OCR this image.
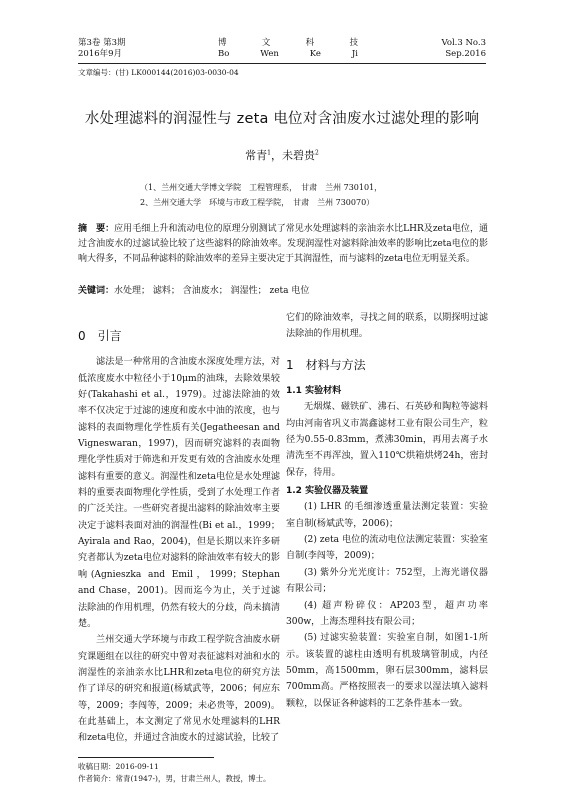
第3卷 第3期
2016年9月
博	文	科	技
Bo	Wen	Ke	Ji
Vol.3 No.3
Sep.2016
文章编号：(甘) LK000144(2016)03-0030-04
水处理滤料的润湿性与 zeta 电位对含油废水过滤处理的影响
常青$^1$，未碧贵$^2$
（1、兰州交通大学博文学院　工程管理系，　甘肃　兰州 730101，
2、兰州交通大学　环境与市政工程学院，　甘肃　兰州 730070）
摘　要：应用毛细上升和流动电位的原理分别测试了常见水处理滤料的亲油亲水比LHR及zeta电位，通过含油废水的过滤试验比较了这些滤料的除油效率。发现润湿性对滤料除油效率的影响比zeta电位的影响大得多，不同品种滤料的除油效率的差异主要决定于其润湿性，而与滤料的zeta电位无明显关系。
关键词：水处理； 滤料； 含油废水； 润湿性； zeta 电位
0　引言

滤法是一种常用的含油废水深度处理方法，对低浓度废水中粒径小于10μm的油珠，去除效果较好(Takahashi et al.，1979)。过滤法除油的效率不仅决定于过滤的速度和废水中油的浓度，也与滤料的表面物理化学性质有关(Jegatheesan and Vigneswaran，1997)，因而研究滤料的表面物理化学性质对于筛选和开发更有效的含油废水处理滤料有重要的意义。润湿性和zeta电位是水处理滤料的重要表面物理化学性质，受到了水处理工作者的广泛关注。一些研究者提出滤料的除油效率主要决定于滤料表面对油的润湿性(Bi et al.，1999；Ayirala and Rao，2004)，但是长期以来许多研究者都认为zeta电位对滤料的除油效率有较大的影响(Agnieszka and Emil，1999；Stephan and Chase，2001)。因而迄今为止，关于过滤法除油的作用机理，仍然有较大的分歧，尚未搞清楚。

兰州交通大学环境与市政工程学院含油废水研究课题组在以往的研究中曾对表征滤料对油和水的润湿性的亲油亲水比LHR和zeta电位的研究方法作了详尽的研究和报道(杨斌武等，2006；何应东等，2009；李闯等，2009；未必贵等，2009)。在此基础上，本文测定了常见水处理滤料的LHR和zeta电位，并通过含油废水的过滤试验，比较了

它们的除油效率，寻找之间的联系，以期探明过滤法除油的作用机理。

1　材料与方法
1.1 实验材料

无烟煤、磁铁矿、沸石、石英砂和陶粒等滤料均由河南省巩义市嵩鑫滤材工业有限公司生产，粒径为0.55-0.83mm，煮沸30min，再用去离子水清洗至不再浑浊，置入110℃烘箱烘烤24h，密封保存，待用。

1.2 实验仪器及装置

(1) LHR 的毛细渗透重量法测定装置：实验室自制(杨斌武等，2006)；

(2) zeta 电位的流动电位法测定装置：实验室自制(李闯等，2009)；

(3) 紫外分光光度计：752型，上海光谱仪器有限公司；

(4) 超声粉碎仪：AP203型，超声功率300w，上海杰理科技有限公司；

(5) 过滤实验装置：实验室自制，如图1-1所示。该装置的滤柱由透明有机玻璃管制成，内径50mm，高1500mm，卵石层300mm，滤料层700mm高。严格按照表一的要求以湿法填入滤料颗粒，以保证各种滤料的工艺条件基本一致。

收稿日期：2016-09-11
作者简介：常青(1947-)，男，甘肃兰州人，教授，博士。
